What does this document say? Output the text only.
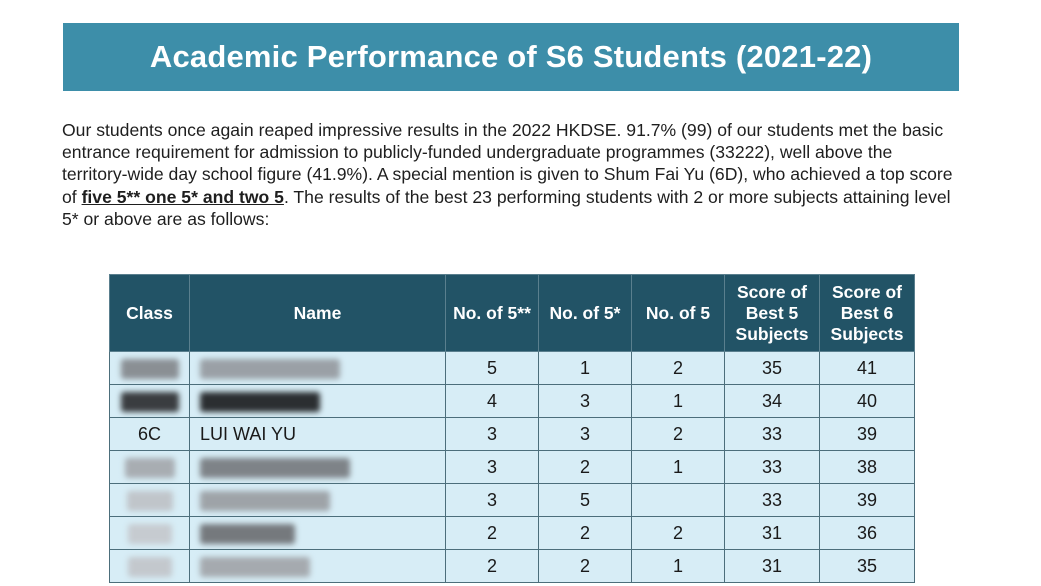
Academic Performance of S6 Students (2021-22)

Our students once again reaped impressive results in the 2022 HKDSE. 91.7% (99) of our students met the basic entrance requirement for admission to publicly-funded undergraduate programmes (33222), well above the territory-wide day school figure (41.9%). A special mention is given to Shum Fai Yu (6D), who achieved a top score of five 5** one 5* and two 5. The results of the best 23 performing students with 2 or more subjects attaining level 5* or above are as follows:

Class	Name	No. of 5**	No. of 5*	No. of 5	Score of Best 5 Subjects	Score of Best 6 Subjects
		5	1	2	35	41
		4	3	1	34	40
6C	LUI WAI YU	3	3	2	33	39
		3	2	1	33	38
		3	5		33	39
		2	2	2	31	36
		2	2	1	31	35
